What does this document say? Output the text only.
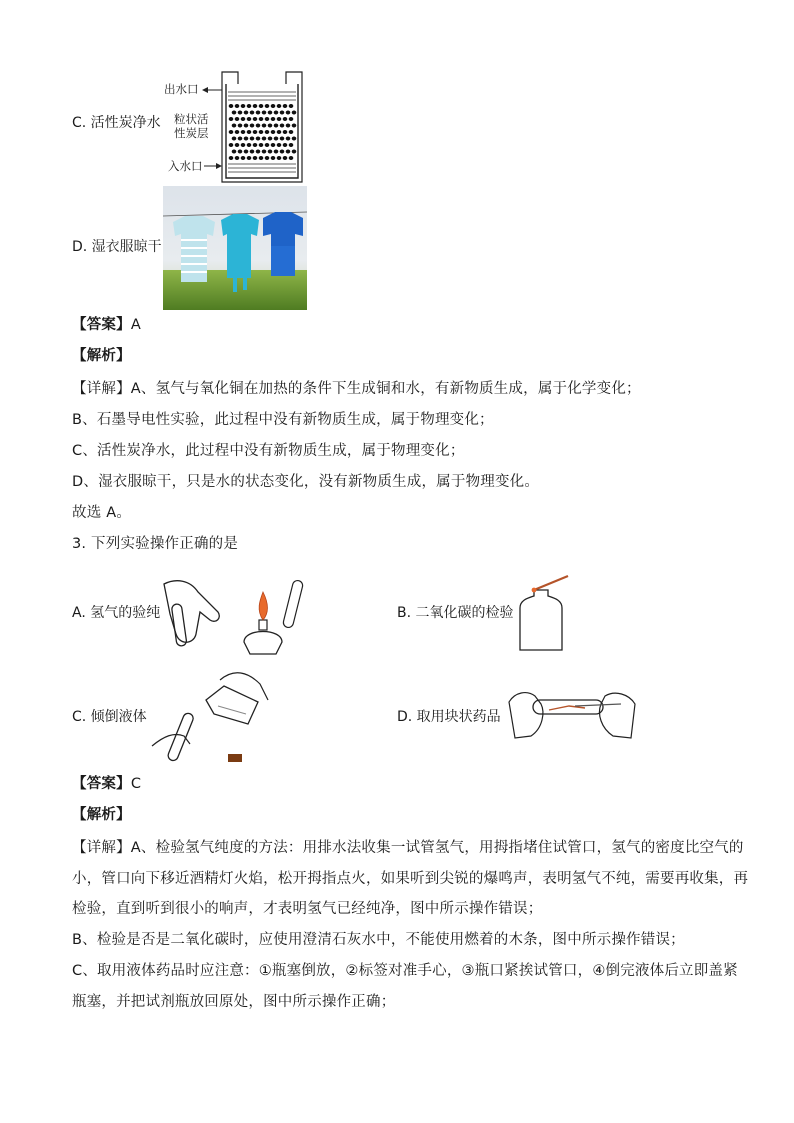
C. 活性炭净水
出水口
粒状活
性炭层
入水口
D. 湿衣服晾干
【答案】A
【解析】
【详解】A、氢气与氧化铜在加热的条件下生成铜和水，有新物质生成，属于化学变化；
B、石墨导电性实验，此过程中没有新物质生成，属于物理变化；
C、活性炭净水，此过程中没有新物质生成，属于物理变化；
D、湿衣服晾干，只是水的状态变化，没有新物质生成，属于物理变化。
故选 A。
3. 下列实验操作正确的是
A. 氢气的验纯	B. 二氧化碳的检验
C. 倾倒液体	D. 取用块状药品
【答案】C
【解析】
【详解】A、检验氢气纯度的方法：用排水法收集一试管氢气，用拇指堵住试管口，氢气的密度比空气的
小，管口向下移近酒精灯火焰，松开拇指点火，如果听到尖锐的爆鸣声，表明氢气不纯，需要再收集，再
检验，直到听到很小的响声，才表明氢气已经纯净，图中所示操作错误；
B、检验是否是二氧化碳时，应使用澄清石灰水中，不能使用燃着的木条，图中所示操作错误；
C、取用液体药品时应注意：①瓶塞倒放，②标签对准手心，③瓶口紧挨试管口，④倒完液体后立即盖紧
瓶塞，并把试剂瓶放回原处，图中所示操作正确；
